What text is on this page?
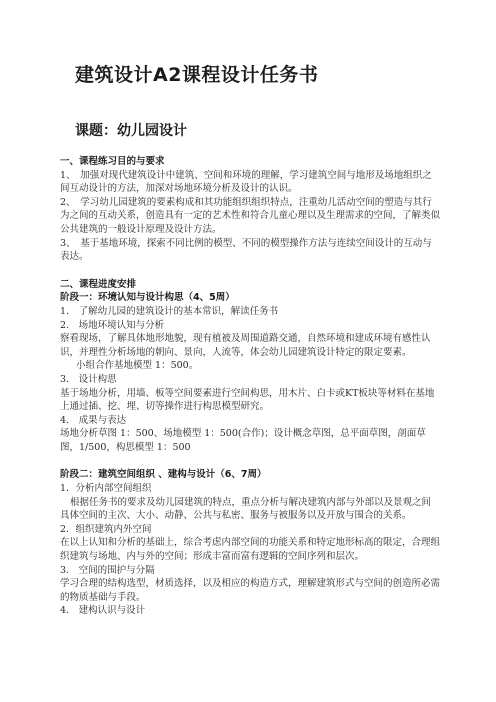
建筑设计A2课程设计任务书
课题：幼儿园设计

一、课程练习目的与要求

1、　加强对现代建筑设计中建筑、空间和环境的理解，学习建筑空间与地形及场地组织之间互动设计的方法，加深对场地环境分析及设计的认识。

2、　学习幼儿园建筑的要素构成和其功能组织组织特点，注重幼儿活动空间的塑造与其行为之间的互动关系，创造具有一定的艺术性和符合儿童心理以及生理需求的空间，了解类似公共建筑的一般设计原理及设计方法。

3、　基于基地环境，探索不同比例的模型、不同的模型操作方法与连续空间设计的互动与表达。

二、课程进度安排

阶段一：环境认知与设计构思（4、5周）

1.　了解幼儿园的建筑设计的基本常识，解读任务书

2.　场地环境认知与分析

察看现场，了解具体地形地貌，现有植被及周围道路交通，自然环境和建成环境有感性认识，并理性分析场地的朝向、景向，人流等，体会幼儿园建筑设计特定的限定要素。

小组合作基地模型 1：500。

3.　设计构思

基于场地分析，用墙、板等空间要素进行空间构思，用木片、白卡或KT板块等材料在基地上通过插、挖、埋、切等操作进行构思模型研究。

4.　成果与表达

场地分析草图 1：500、场地模型 1：500(合作)；设计概念草图，总平面草图，剖面草图，1/500，构思模型 1：500

阶段二：建筑空间组织 、建构与设计（6、7周）

1．分析内部空间组织

根据任务书的要求及幼儿园建筑的特点，重点分析与解决建筑内部与外部以及景观之间具体空间的主次、大小、动静、公共与私密、服务与被服务以及开放与围合的关系。

2．组织建筑内外空间

在以上认知和分析的基础上，综合考虑内部空间的功能关系和特定地形标高的限定，合理组织建筑与场地、内与外的空间；形成丰富而富有逻辑的空间序列和层次。

3.　空间的围护与分隔

学习合理的结构选型，材质选择，以及相应的构造方式，理解建筑形式与空间的创造所必需的物质基础与手段。

4.　建构认识与设计
